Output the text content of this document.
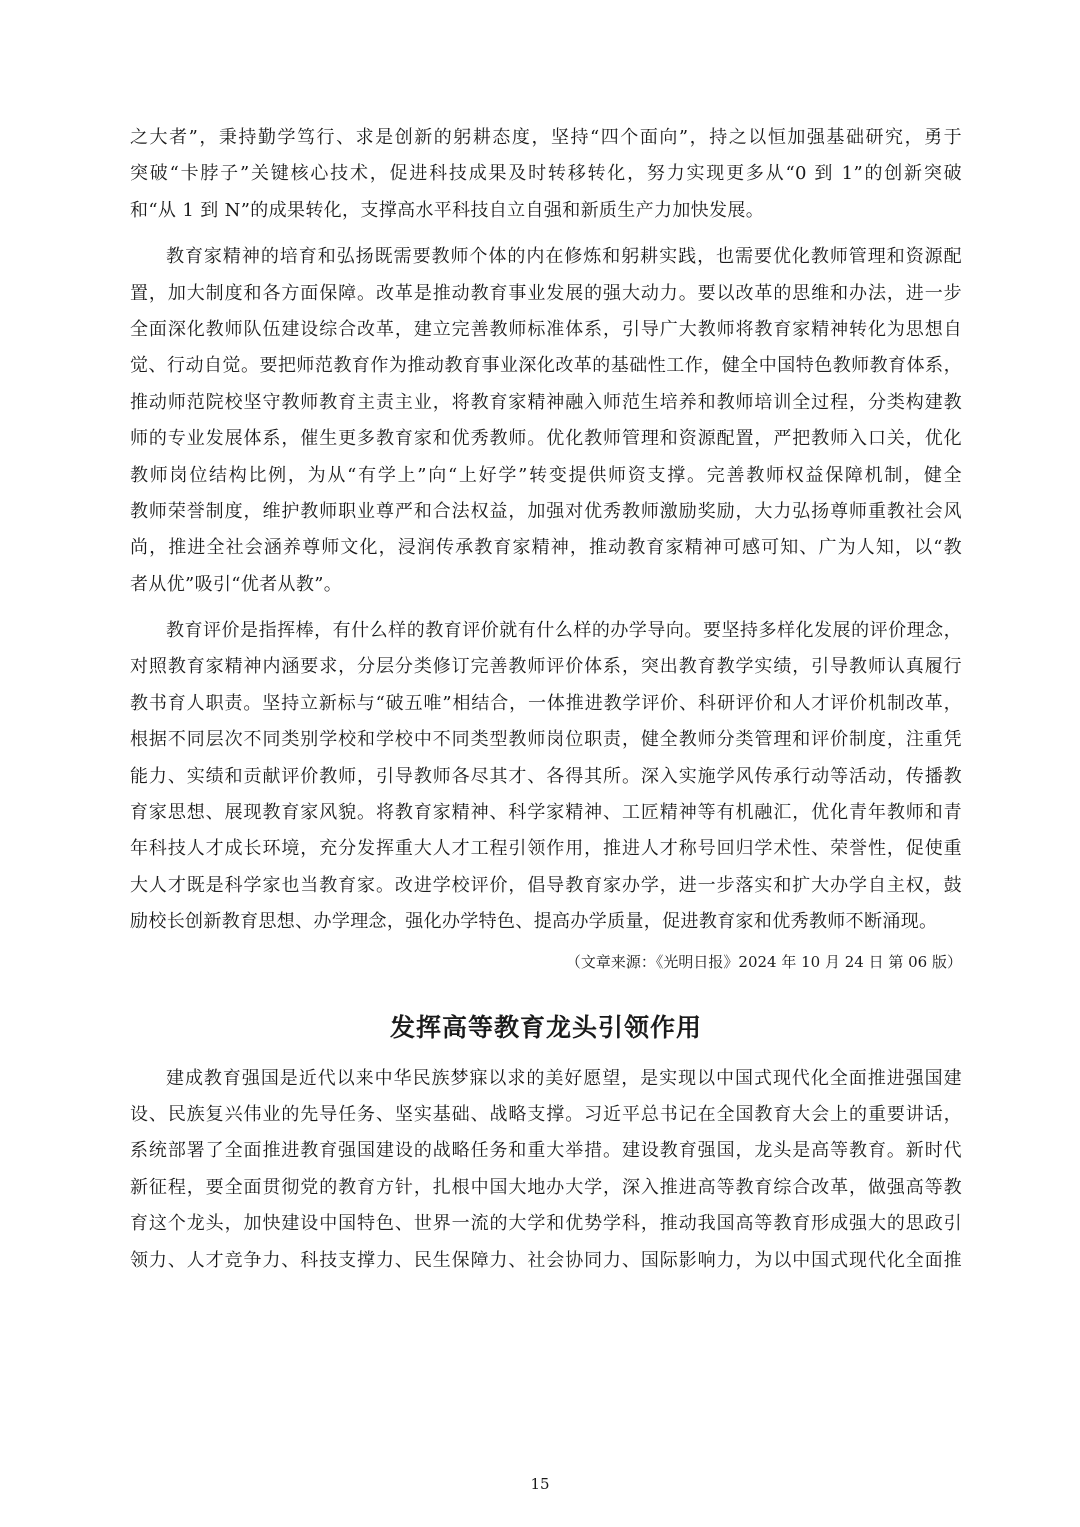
之大者”，秉持勤学笃行、求是创新的躬耕态度，坚持“四个面向”，持之以恒加强基础研究，勇于

突破“卡脖子”关键核心技术，促进科技成果及时转移转化，努力实现更多从“0 到 1”的创新突破

和“从 1 到 N”的成果转化，支撑高水平科技自立自强和新质生产力加快发展。

教育家精神的培育和弘扬既需要教师个体的内在修炼和躬耕实践，也需要优化教师管理和资源配

置，加大制度和各方面保障。改革是推动教育事业发展的强大动力。要以改革的思维和办法，进一步

全面深化教师队伍建设综合改革，建立完善教师标准体系，引导广大教师将教育家精神转化为思想自

觉、行动自觉。要把师范教育作为推动教育事业深化改革的基础性工作，健全中国特色教师教育体系，

推动师范院校坚守教师教育主责主业，将教育家精神融入师范生培养和教师培训全过程，分类构建教

师的专业发展体系，催生更多教育家和优秀教师。优化教师管理和资源配置，严把教师入口关，优化

教师岗位结构比例，为从“有学上”向“上好学”转变提供师资支撑。完善教师权益保障机制，健全

教师荣誉制度，维护教师职业尊严和合法权益，加强对优秀教师激励奖励，大力弘扬尊师重教社会风

尚，推进全社会涵养尊师文化，浸润传承教育家精神，推动教育家精神可感可知、广为人知，以“教

者从优”吸引“优者从教”。

教育评价是指挥棒，有什么样的教育评价就有什么样的办学导向。要坚持多样化发展的评价理念，

对照教育家精神内涵要求，分层分类修订完善教师评价体系，突出教育教学实绩，引导教师认真履行

教书育人职责。坚持立新标与“破五唯”相结合，一体推进教学评价、科研评价和人才评价机制改革，

根据不同层次不同类别学校和学校中不同类型教师岗位职责，健全教师分类管理和评价制度，注重凭

能力、实绩和贡献评价教师，引导教师各尽其才、各得其所。深入实施学风传承行动等活动，传播教

育家思想、展现教育家风貌。将教育家精神、科学家精神、工匠精神等有机融汇，优化青年教师和青

年科技人才成长环境，充分发挥重大人才工程引领作用，推进人才称号回归学术性、荣誉性，促使重

大人才既是科学家也当教育家。改进学校评价，倡导教育家办学，进一步落实和扩大办学自主权，鼓

励校长创新教育思想、办学理念，强化办学特色、提高办学质量，促进教育家和优秀教师不断涌现。

（文章来源：《光明日报》2024 年 10 月 24 日 第 06 版）
发挥高等教育龙头引领作用

建成教育强国是近代以来中华民族梦寐以求的美好愿望，是实现以中国式现代化全面推进强国建

设、民族复兴伟业的先导任务、坚实基础、战略支撑。习近平总书记在全国教育大会上的重要讲话，

系统部署了全面推进教育强国建设的战略任务和重大举措。建设教育强国，龙头是高等教育。新时代

新征程，要全面贯彻党的教育方针，扎根中国大地办大学，深入推进高等教育综合改革，做强高等教

育这个龙头，加快建设中国特色、世界一流的大学和优势学科，推动我国高等教育形成强大的思政引

领力、人才竞争力、科技支撑力、民生保障力、社会协同力、国际影响力，为以中国式现代化全面推

15
